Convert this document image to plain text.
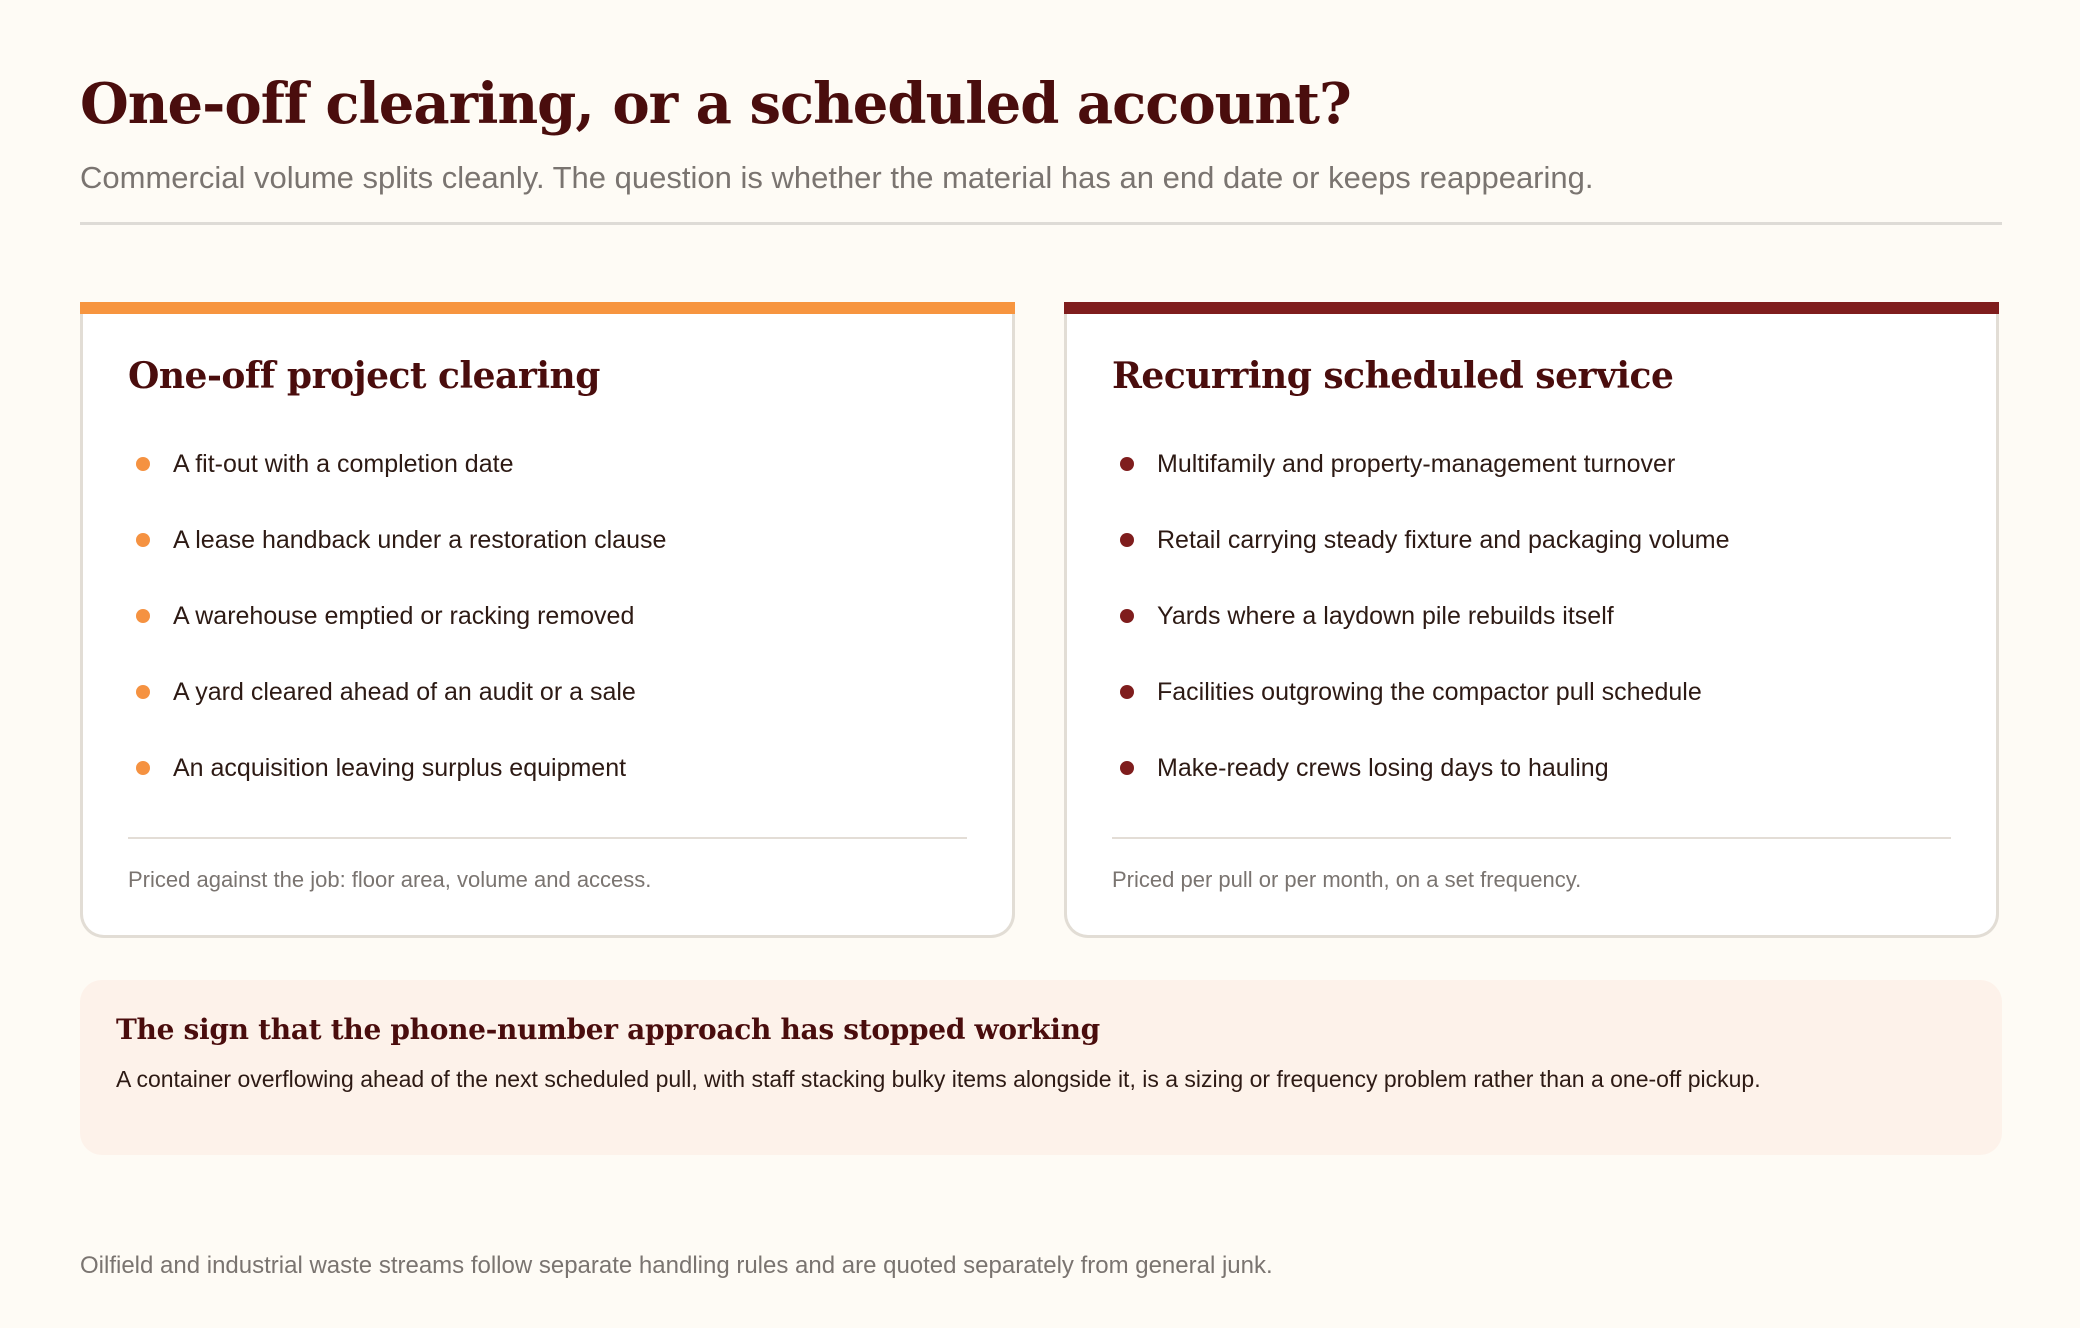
One-off clearing, or a scheduled account?

Commercial volume splits cleanly. The question is whether the material has an end date or keeps reappearing.

One-off project clearing
A fit-out with a completion date
A lease handback under a restoration clause
A warehouse emptied or racking removed
A yard cleared ahead of an audit or a sale
An acquisition leaving surplus equipment
Priced against the job: floor area, volume and access.
Recurring scheduled service
Multifamily and property-management turnover
Retail carrying steady fixture and packaging volume
Yards where a laydown pile rebuilds itself
Facilities outgrowing the compactor pull schedule
Make-ready crews losing days to hauling
Priced per pull or per month, on a set frequency.
The sign that the phone-number approach has stopped working

A container overflowing ahead of the next scheduled pull, with staff stacking bulky items alongside it, is a sizing or frequency problem rather than a one-off pickup.

Oilfield and industrial waste streams follow separate handling rules and are quoted separately from general junk.
